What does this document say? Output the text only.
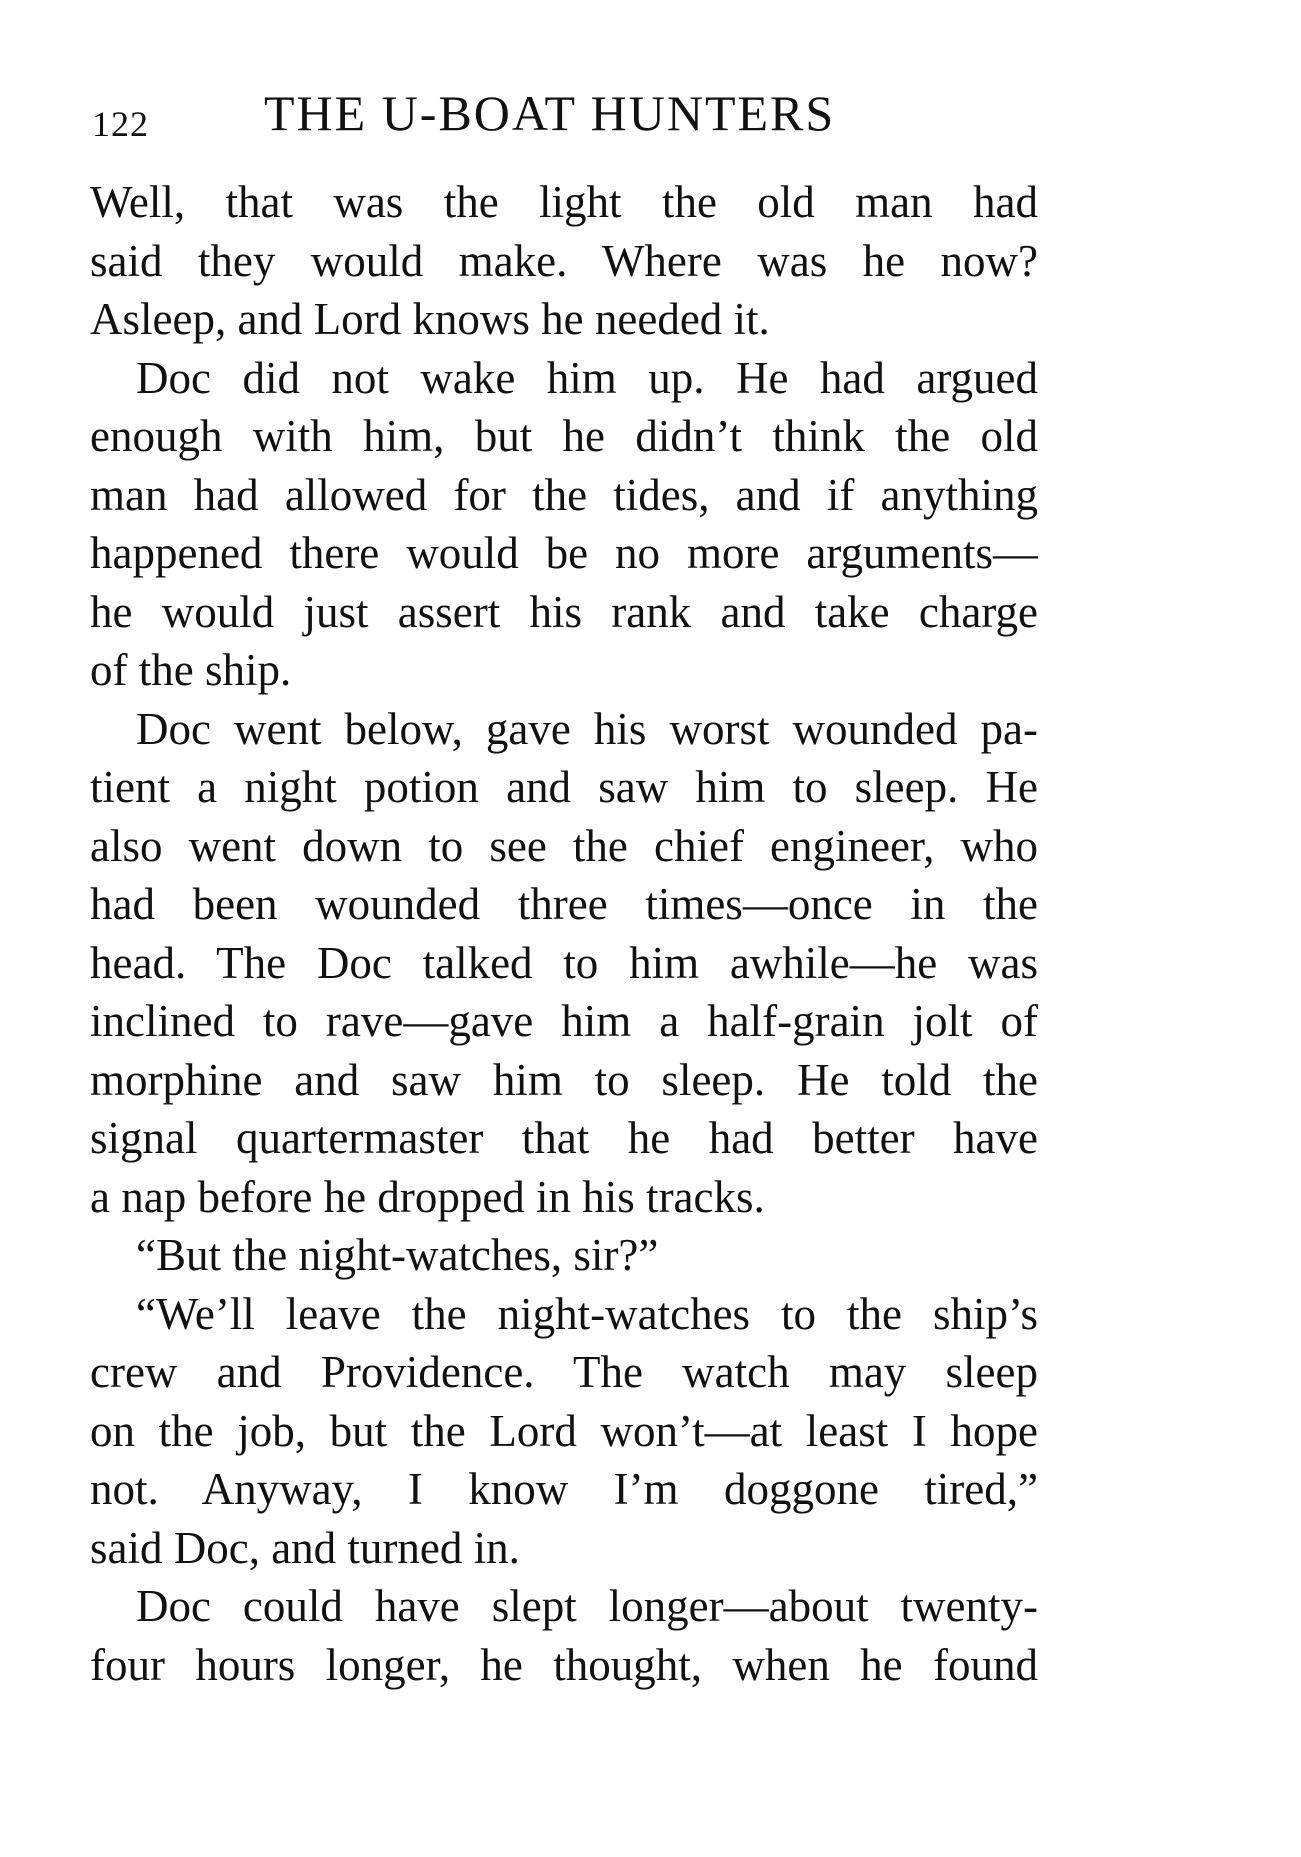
122 THE U-BOAT HUNTERS
Well, that was the light the old man had
said they would make. Where was he now?
Asleep, and Lord knows he needed it.
Doc did not wake him up. He had argued
enough with him, but he didn’t think the old
man had allowed for the tides, and if anything
happened there would be no more arguments—
he would just assert his rank and take charge
of the ship.
Doc went below, gave his worst wounded pa-
tient a night potion and saw him to sleep. He
also went down to see the chief engineer, who
had been wounded three times—once in the
head. The Doc talked to him awhile—he was
inclined to rave—gave him a half-grain jolt of
morphine and saw him to sleep. He told the
signal quartermaster that he had better have
a nap before he dropped in his tracks.
“But the night-watches, sir?”
“We’ll leave the night-watches to the ship’s
crew and Providence. The watch may sleep
on the job, but the Lord won’t—at least I hope
not. Anyway, I know I’m doggone tired,”
said Doc, and turned in.
Doc could have slept longer—about twenty-
four hours longer, he thought, when he found
